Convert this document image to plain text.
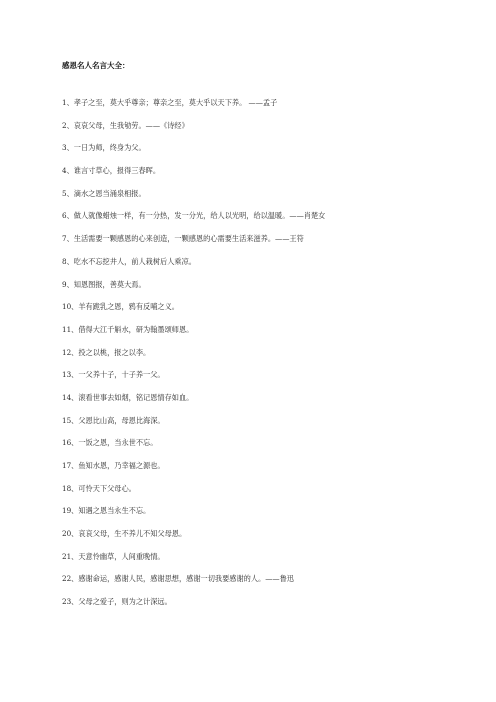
感恩名人名言大全：
1、孝子之至，莫大乎尊亲；尊亲之至，莫大乎以天下养。 ——孟子
2、哀哀父母，生我劬劳。——《诗经》
3、一日为师，终身为父。
4、谁言寸草心，报得三春晖。
5、滴水之恩当涌泉相报。
6、做人就像蜡烛一样，有一分热，发一分光，给人以光明，给以温暖。——肖楚女
7、生活需要一颗感恩的心来创造，一颗感恩的心需要生活来滋养。——王符
8、吃水不忘挖井人，前人栽树后人乘凉。
9、知恩图报，善莫大焉。
10、羊有跪乳之恩，鸦有反哺之义。
11、借得大江千斛水，研为翰墨颂师恩。
12、投之以桃，报之以李。
13、一父养十子，十子养一父。
14、滚看世事去如烟，铭记恩情存如血。
15、父恩比山高，母恩比海深。
16、一饭之恩，当永世不忘。
17、鱼知水恩，乃幸福之源也。
18、可怜天下父母心。
19、知遇之恩当永生不忘。
20、哀哀父母，生不养儿不知父母恩。
21、天意怜幽草，人间重晚情。
22、感谢命运，感谢人民，感谢思想，感谢一切我要感谢的人。——鲁迅
23、父母之爱子，则为之计深远。
